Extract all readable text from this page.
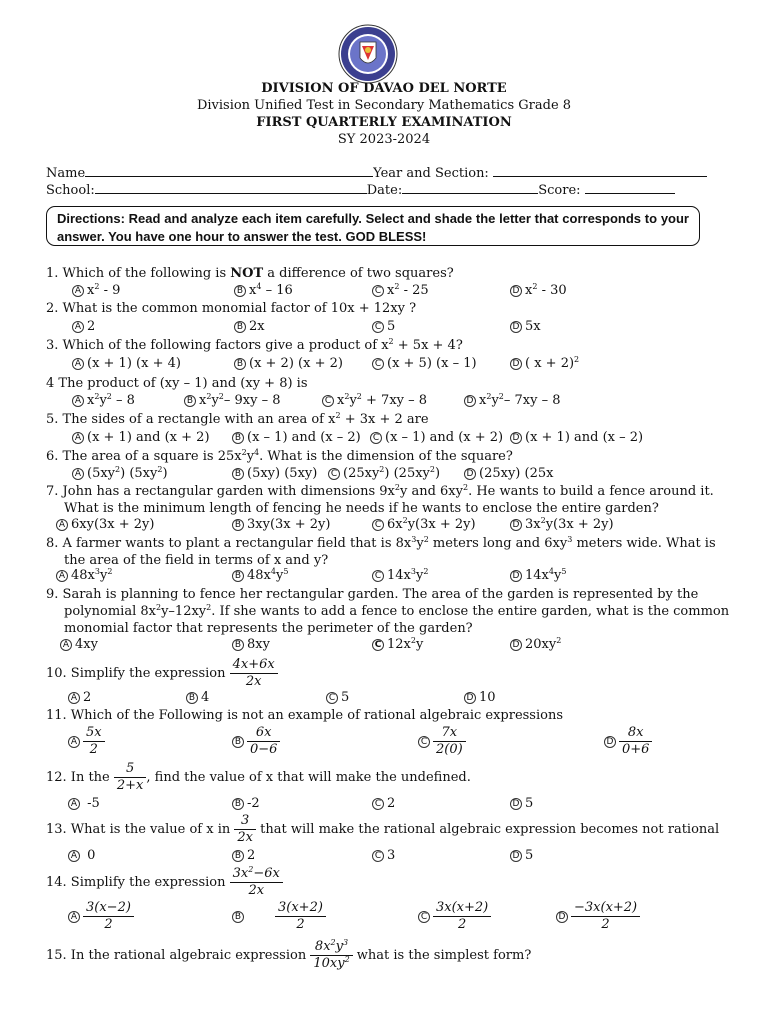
DIVISION OF DAVAO DEL NORTE
Division Unified Test in Secondary Mathematics Grade 8
FIRST QUARTERLY EXAMINATION
SY 2023-2024
Name	Year and Section:
School:	Date:	Score:
Directions: Read and analyze each item carefully. Select and shade the letter that corresponds to your answer. You have one hour to answer the test. GOD BLESS!
1. Which of the following is NOT a difference of two squares?
A $x^2 - 9$	B $x^4 - 16$	C $x^2 - 25$	D $x^2 - 30$
2. What is the common monomial factor of 10x + 12xy ?
A 2	B 2x	C 5	D 5x
3. Which of the following factors give a product of $x^2 + 5x + 4$?
A (x + 1) (x + 4)	B (x + 2) (x + 2)	C (x + 5) (x – 1)	D ( x + 2)$^2$
4 The product of (xy – 1) and (xy + 8) is
A $x^2y^2 - 8$	B $x^2y^2-$ 9xy – 8	C $x^2y^2 + 7xy - 8$	D $x^2y^2-$ 7xy – 8
5. The sides of a rectangle with an area of $x^2 + 3x + 2$ are
A (x + 1) and (x + 2)	B (x – 1) and (x – 2)	C (x – 1) and (x + 2) D (x + 1) and (x – 2)
6. The area of a square is $25x^2y^4$. What is the dimension of the square?
A $(5xy^2)$ $(5xy^2)$	B (5xy) (5xy)	C $(25xy^2)$ $(25xy^2)$	D (25xy) (25x
7. John has a rectangular garden with dimensions $9x^2y$ and $6xy^2$. He wants to build a fence around it.
What is the minimum length of fencing he needs if he wants to enclose the entire garden?
A 6xy(3x + 2y)	B 3xy(3x + 2y)	C $6x^2y(3x + 2y)$	D $3x^2y(3x + 2y)$
8. A farmer wants to plant a rectangular field that is $8x^3y^2$ meters long and $6xy^3$ meters wide. What is
the area of the field in terms of x and y?
A $48x^3y^2$	B $48x^4y^5$	C $14x^3y^2$	D $14x^4y^5$
9. Sarah is planning to fence her rectangular garden. The area of the garden is represented by the
polynomial $8x^2y-12xy^2$. If she wants to add a fence to enclose the entire garden, what is the common
monomial factor that represents the perimeter of the garden?
A 4xy	B 8xy	C $12x^2y$	D $20xy^2$
10. Simplify the expression $\frac{4x+6x}{2x}$
A 2	B 4	C 5	D 10
11. Which of the Following is not an example of rational algebraic expressions
A $\frac{5x}{2}$	B $\frac{6x}{0-6}$	C $\frac{7x}{2(0)}$	D $\frac{8x}{0+6}$
12. In the $\frac{5}{2+x}$ , find the value of x that will make the undefined.
A -5	B -2	C 2	D 5
13. What is the value of x in $\frac{3}{2x}$ that will make the rational algebraic expression becomes not rational
A 0	B 2	C 3	D 5
14. Simplify the expression $\frac{3x^2-6x}{2x}$
A $\frac{3(x-2)}{2}$	B	$\frac{3(x+2)}{2}$	C $\frac{3x(x+2)}{2}$	D $\frac{-3x(x+2)}{2}$
15. In the rational algebraic expression $\frac{8x^2y^3}{10xy^2}$ what is the simplest form?
